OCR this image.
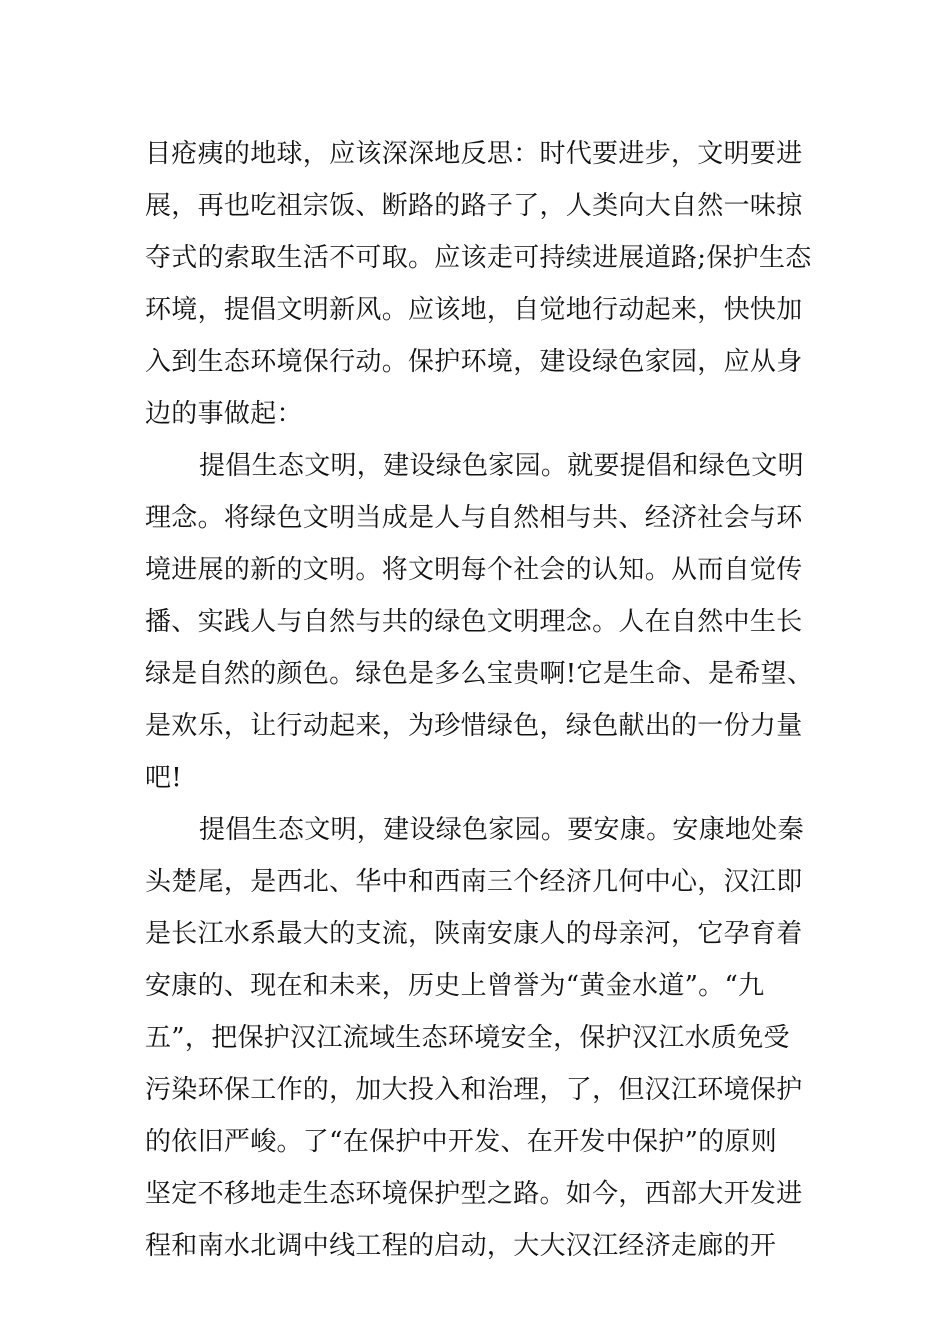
目疮痍的地球，应该深深地反思：时代要进步，文明要进
展，再也吃祖宗饭、断路的路子了，人类向大自然一味掠
夺式的索取生活不可取。应该走可持续进展道路;保护生态
环境，提倡文明新风。应该地，自觉地行动起来，快快加
入到生态环境保行动。保护环境，建设绿色家园，应从身
边的事做起：
提倡生态文明，建设绿色家园。就要提倡和绿色文明
理念。将绿色文明当成是人与自然相与共、经济社会与环
境进展的新的文明。将文明每个社会的认知。从而自觉传
播、实践人与自然与共的绿色文明理念。人在自然中生长
绿是自然的颜色。绿色是多么宝贵啊!它是生命、是希望、
是欢乐，让行动起来，为珍惜绿色，绿色献出的一份力量
吧!
提倡生态文明，建设绿色家园。要安康。安康地处秦
头楚尾，是西北、华中和西南三个经济几何中心，汉江即
是长江水系最大的支流，陕南安康人的母亲河，它孕育着
安康的、现在和未来，历史上曾誉为“黄金水道”。“九
五”，把保护汉江流域生态环境安全，保护汉江水质免受
污染环保工作的，加大投入和治理，了，但汉江环境保护
的依旧严峻。了“在保护中开发、在开发中保护”的原则
坚定不移地走生态环境保护型之路。如今，西部大开发进
程和南水北调中线工程的启动，大大汉江经济走廊的开
